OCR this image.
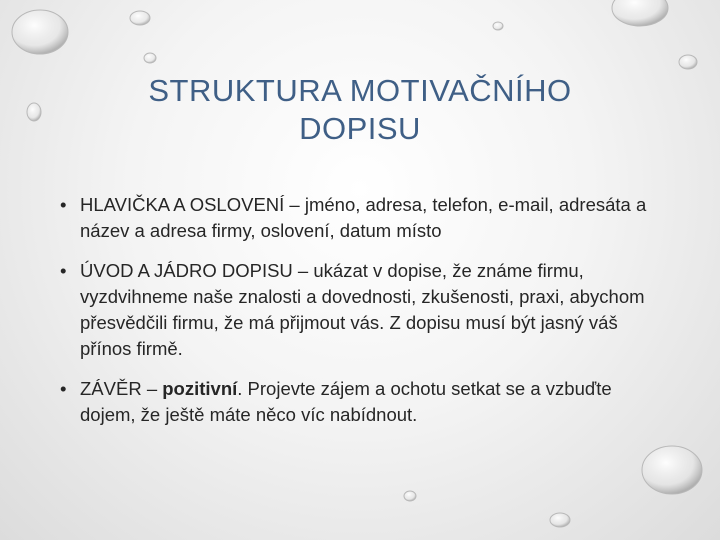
STRUKTURA MOTIVAČNÍHO
DOPISU
• HLAVIČKA A OSLOVENÍ – jméno, adresa, telefon, e-mail, adresáta a název a adresa firmy, oslovení, datum místo
• ÚVOD A JÁDRO DOPISU – ukázat v dopise, že známe firmu, vyzdvihneme naše znalosti a dovednosti, zkušenosti, praxi, abychom přesvědčili firmu, že má přijmout vás. Z dopisu musí být jasný váš přínos firmě.
• ZÁVĚR – pozitivní. Projevte zájem a ochotu setkat se a vzbuďte dojem, že ještě máte něco víc nabídnout.
